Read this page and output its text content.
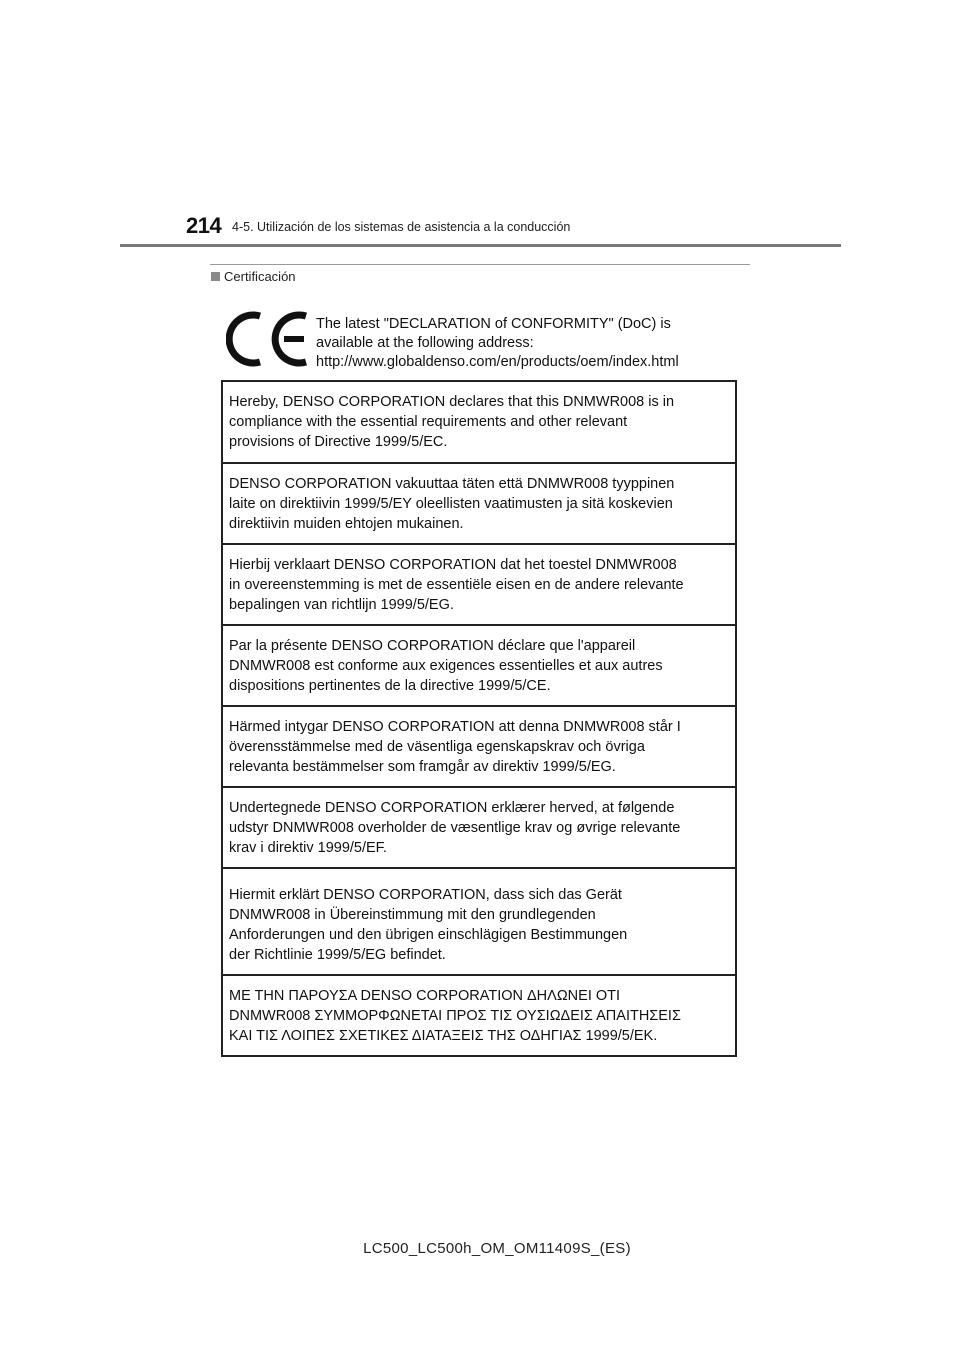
214 4-5. Utilización de los sistemas de asistencia a la conducción
Certificación
The latest "DECLARATION of CONFORMITY" (DoC) is
available at the following address:
http://www.globaldenso.com/en/products/oem/index.html
Hereby, DENSO CORPORATION declares that this DNMWR008 is in
compliance with the essential requirements and other relevant
provisions of Directive 1999/5/EC.
DENSO CORPORATION vakuuttaa täten että DNMWR008 tyyppinen
laite on direktiivin 1999/5/EY oleellisten vaatimusten ja sitä koskevien
direktiivin muiden ehtojen mukainen.
Hierbij verklaart DENSO CORPORATION dat het toestel DNMWR008
in overeenstemming is met de essentiële eisen en de andere relevante
bepalingen van richtlijn 1999/5/EG.
Par la présente DENSO CORPORATION déclare que l'appareil
DNMWR008 est conforme aux exigences essentielles et aux autres
dispositions pertinentes de la directive 1999/5/CE.
Härmed intygar DENSO CORPORATION att denna DNMWR008 står I
överensstämmelse med de väsentliga egenskapskrav och övriga
relevanta bestämmelser som framgår av direktiv 1999/5/EG.
Undertegnede DENSO CORPORATION erklærer herved, at følgende
udstyr DNMWR008 overholder de væsentlige krav og øvrige relevante
krav i direktiv 1999/5/EF.
Hiermit erklärt DENSO CORPORATION, dass sich das Gerät
DNMWR008 in Übereinstimmung mit den grundlegenden
Anforderungen und den übrigen einschlägigen Bestimmungen
der Richtlinie 1999/5/EG befindet.
ΜΕ ΤΗΝ ΠΑΡΟΥΣΑ DENSO CORPORATION ΔΗΛΩΝΕΙ ΟΤΙ
DNMWR008 ΣΥΜΜΟΡΦΩΝΕΤΑΙ ΠΡΟΣ ΤΙΣ ΟΥΣΙΩΔΕΙΣ ΑΠΑΙΤΗΣΕΙΣ
ΚΑΙ ΤΙΣ ΛΟΙΠΕΣ ΣΧΕΤΙΚΕΣ ΔΙΑΤΑΞΕΙΣ ΤΗΣ ΟΔΗΓΙΑΣ 1999/5/ΕΚ.
LC500_LC500h_OM_OM11409S_(ES)
